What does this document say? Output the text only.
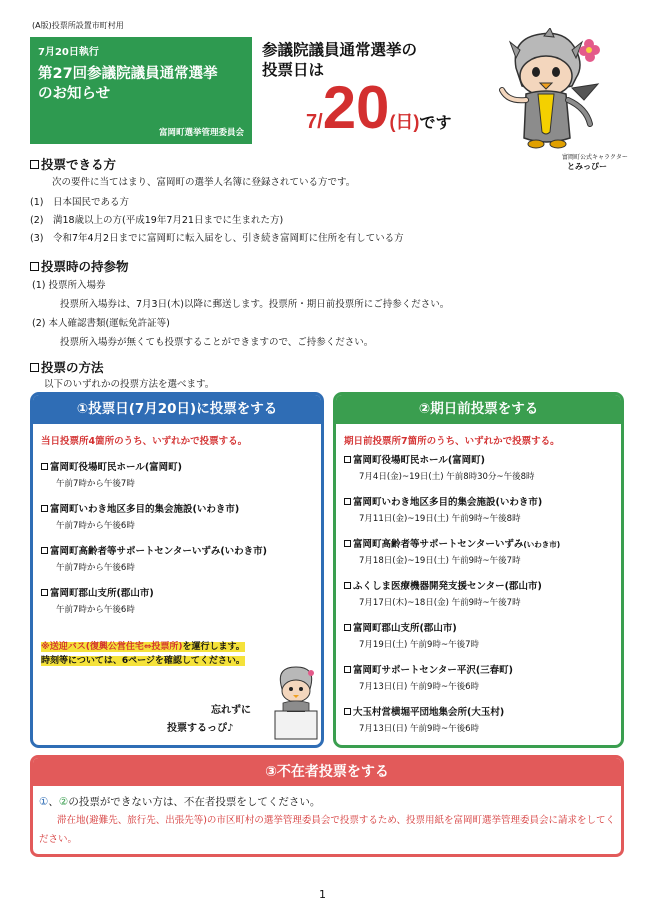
(A版)投票所設置市町村用
7月20日執行
第27回参議院議員通常選挙
のお知らせ
富岡町選挙管理委員会
参議院議員通常選挙の
投票日は
7/20(日)です
富岡町公式キャラクター
とみっぴー
投票できる方
次の要件に当てはまり、富岡町の選挙人名簿に登録されている方です。
(1)　日本国民である方
(2)　満18歳以上の方(平成19年7月21日までに生まれた方)
(3)　令和7年4月2日までに富岡町に転入届をし、引き続き富岡町に住所を有している方
投票時の持参物
(1) 投票所入場券
投票所入場券は、7月3日(木)以降に郵送します。投票所・期日前投票所にご持参ください。
(2) 本人確認書類(運転免許証等)
投票所入場券が無くても投票することができますので、ご持参ください。
投票の方法
以下のいずれかの投票方法を選べます。
①投票日(7月20日)に投票をする
当日投票所4箇所のうち、いずれかで投票する。
富岡町役場町民ホール(富岡町)
午前7時から午後7時
富岡町いわき地区多目的集会施設(いわき市)
午前7時から午後6時
富岡町高齢者等サポートセンターいずみ(いわき市)
午前7時から午後6時
富岡町郡山支所(郡山市)
午前7時から午後6時
※送迎バス(復興公営住宅⇔投票所)を運行します。
時刻等については、6ページを確認してください。
忘れずに
投票するっぴ♪
②期日前投票をする
期日前投票所7箇所のうち、いずれかで投票する。
富岡町役場町民ホール(富岡町)
7月4日(金)~19日(土) 午前8時30分~午後8時
富岡町いわき地区多目的集会施設(いわき市)
7月11日(金)~19日(土) 午前9時~午後8時
富岡町高齢者等サポートセンターいずみ(いわき市)
7月18日(金)~19日(土) 午前9時~午後7時
ふくしま医療機器開発支援センター(郡山市)
7月17日(木)~18日(金) 午前9時~午後7時
富岡町郡山支所(郡山市)
7月19日(土) 午前9時~午後7時
富岡町サポートセンター平沢(三春町)
7月13日(日) 午前9時~午後6時
大玉村営横堀平団地集会所(大玉村)
7月13日(日) 午前9時~午後6時
③不在者投票をする
①、②の投票ができない方は、不在者投票をしてください。
滞在地(避難先、旅行先、出張先等)の市区町村の選挙管理委員会で投票するため、投票用紙を富岡町選挙管理委員会に請求をしてください。
1
